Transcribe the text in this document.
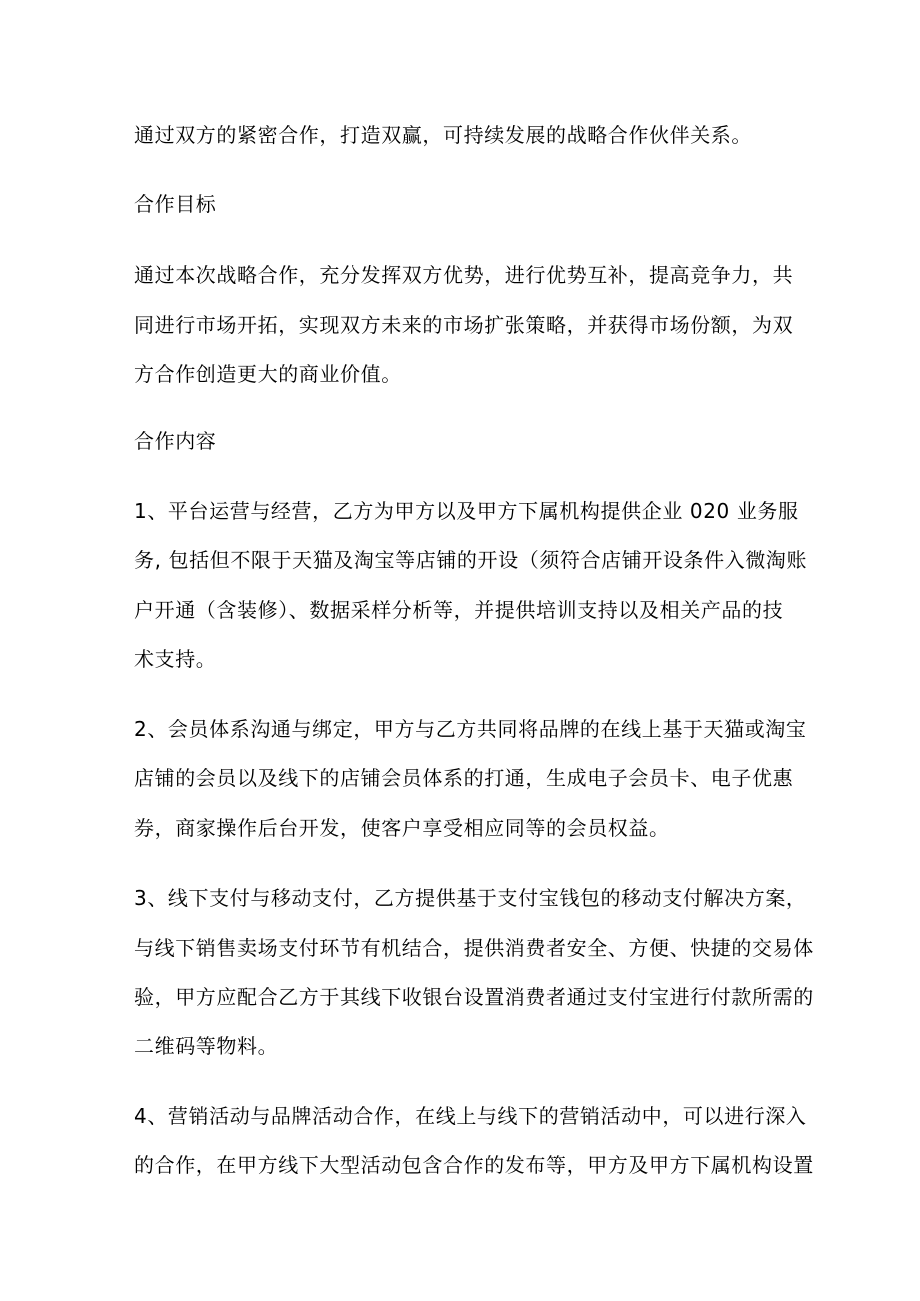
通过双方的紧密合作，打造双赢，可持续发展的战略合作伙伴关系。
合作目标
通过本次战略合作，充分发挥双方优势，进行优势互补，提高竞争力，共
同进行市场开拓，实现双方未来的市场扩张策略，并获得市场份额，为双
方合作创造更大的商业价值。
合作内容
1、平台运营与经营，乙方为甲方以及甲方下属机构提供企业 020 业务服
务, 包括但不限于天猫及淘宝等店铺的开设（须符合店铺开设条件入微淘账
户开通（含装修）、数据采样分析等，并提供培训支持以及相关产品的技
术支持。
2、会员体系沟通与绑定，甲方与乙方共同将品牌的在线上基于天猫或淘宝
店铺的会员以及线下的店铺会员体系的打通，生成电子会员卡、电子优惠
券，商家操作后台开发，使客户享受相应同等的会员权益。
3、线下支付与移动支付，乙方提供基于支付宝钱包的移动支付解决方案，
与线下销售卖场支付环节有机结合，提供消费者安全、方便、快捷的交易体
验，甲方应配合乙方于其线下收银台设置消费者通过支付宝进行付款所需的
二维码等物料。
4、营销活动与品牌活动合作，在线上与线下的营销活动中，可以进行深入
的合作，在甲方线下大型活动包含合作的发布等，甲方及甲方下属机构设置
